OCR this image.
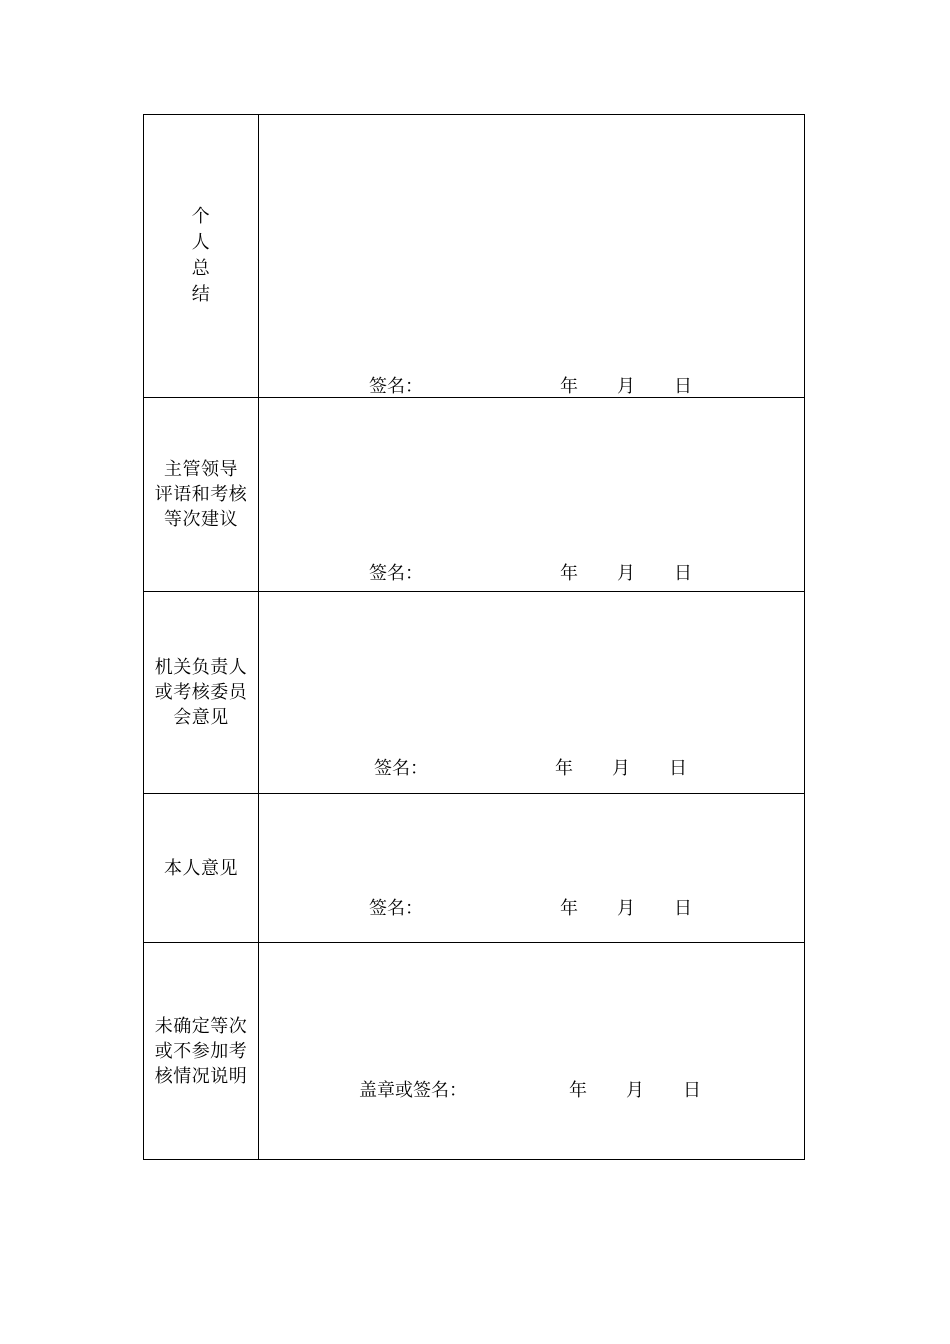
个
人
总
结
签名：	年 月 日
主管领导
评语和考核
等次建议
签名：	年 月 日
机关负责人
或考核委员
会意见
签名：	年 月 日
本人意见
签名：	年 月 日
未确定等次
或不参加考
核情况说明
盖章或签名：	年 月 日
